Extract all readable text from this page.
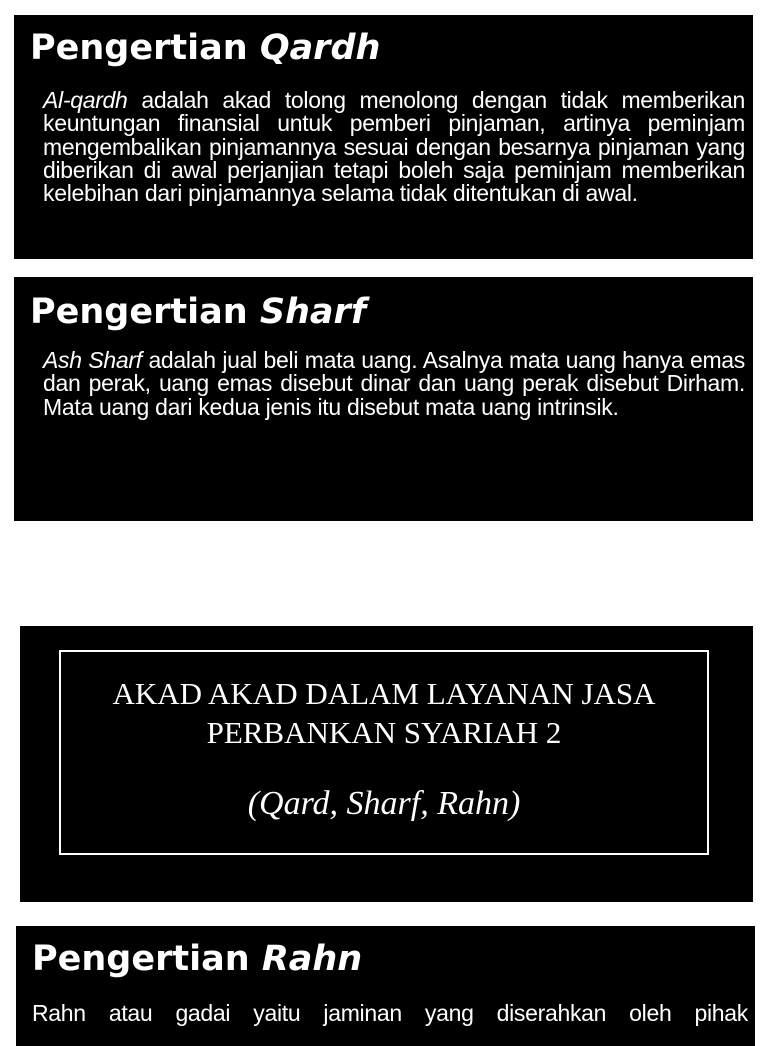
Pengertian Qardh

Al-qardh adalah akad tolong menolong dengan tidak memberikan keuntungan finansial untuk pemberi pinjaman, artinya peminjam mengembalikan pinjamannya sesuai dengan besarnya pinjaman yang diberikan di awal perjanjian tetapi boleh saja peminjam memberikan kelebihan dari pinjamannya selama tidak ditentukan di awal.

Pengertian Sharf

Ash Sharf adalah jual beli mata uang. Asalnya mata uang hanya emas dan perak, uang emas disebut dinar dan uang perak disebut Dirham. Mata uang dari kedua jenis itu disebut mata uang intrinsik.

AKAD AKAD DALAM LAYANAN JASA
PERBANKAN SYARIAH 2

(Qard, Sharf, Rahn)

Pengertian Rahn

Rahn atau gadai yaitu jaminan yang diserahkan oleh pihak
